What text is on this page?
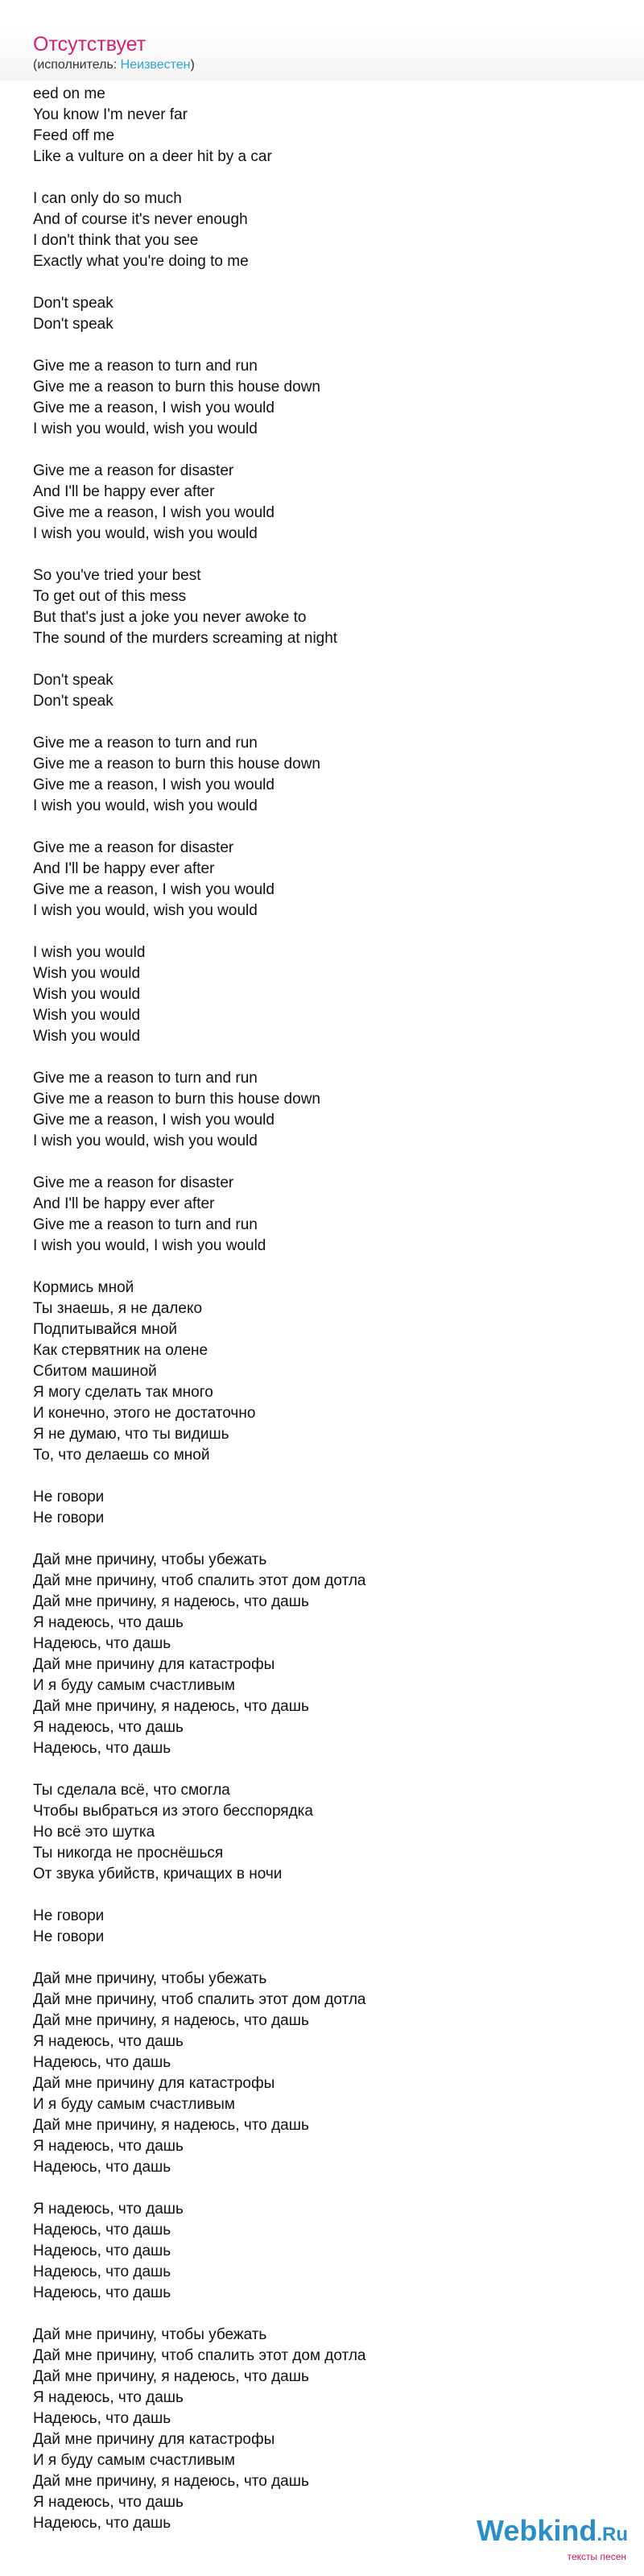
Отсутствует
(исполнитель: Неизвестен)
eed on me
You know I'm never far
Feed off me
Like a vulture on a deer hit by a car
I can only do so much
And of course it's never enough
I don't think that you see
Exactly what you're doing to me
Don't speak
Don't speak
Give me a reason to turn and run
Give me a reason to burn this house down
Give me a reason, I wish you would
I wish you would, wish you would
Give me a reason for disaster
And I'll be happy ever after
Give me a reason, I wish you would
I wish you would, wish you would
So you've tried your best
To get out of this mess
But that's just a joke you never awoke to
The sound of the murders screaming at night
Don't speak
Don't speak
Give me a reason to turn and run
Give me a reason to burn this house down
Give me a reason, I wish you would
I wish you would, wish you would
Give me a reason for disaster
And I'll be happy ever after
Give me a reason, I wish you would
I wish you would, wish you would
I wish you would
Wish you would
Wish you would
Wish you would
Wish you would
Give me a reason to turn and run
Give me a reason to burn this house down
Give me a reason, I wish you would
I wish you would, wish you would
Give me a reason for disaster
And I'll be happy ever after
Give me a reason to turn and run
I wish you would, I wish you would
Кормись мной
Ты знаешь, я не далеко
Подпитывайся мной
Как стервятник на олене
Сбитом машиной
Я могу сделать так много
И конечно, этого не достаточно
Я не думаю, что ты видишь
То, что делаешь со мной
Не говори
Не говори
Дай мне причину, чтобы убежать
Дай мне причину, чтоб спалить этот дом дотла
Дай мне причину, я надеюсь, что дашь
Я надеюсь, что дашь
Надеюсь, что дашь
Дай мне причину для катастрофы
И я буду самым счастливым
Дай мне причину, я надеюсь, что дашь
Я надеюсь, что дашь
Надеюсь, что дашь
Ты сделала всё, что смогла
Чтобы выбраться из этого бесспорядка
Но всё это шутка
Ты никогда не проснёшься
От звука убийств, кричащих в ночи
Не говори
Не говори
Дай мне причину, чтобы убежать
Дай мне причину, чтоб спалить этот дом дотла
Дай мне причину, я надеюсь, что дашь
Я надеюсь, что дашь
Надеюсь, что дашь
Дай мне причину для катастрофы
И я буду самым счастливым
Дай мне причину, я надеюсь, что дашь
Я надеюсь, что дашь
Надеюсь, что дашь
Я надеюсь, что дашь
Надеюсь, что дашь
Надеюсь, что дашь
Надеюсь, что дашь
Надеюсь, что дашь
Дай мне причину, чтобы убежать
Дай мне причину, чтоб спалить этот дом дотла
Дай мне причину, я надеюсь, что дашь
Я надеюсь, что дашь
Надеюсь, что дашь
Дай мне причину для катастрофы
И я буду самым счастливым
Дай мне причину, я надеюсь, что дашь
Я надеюсь, что дашь
Надеюсь, что дашь	Webkind.Ru
тексты песен
